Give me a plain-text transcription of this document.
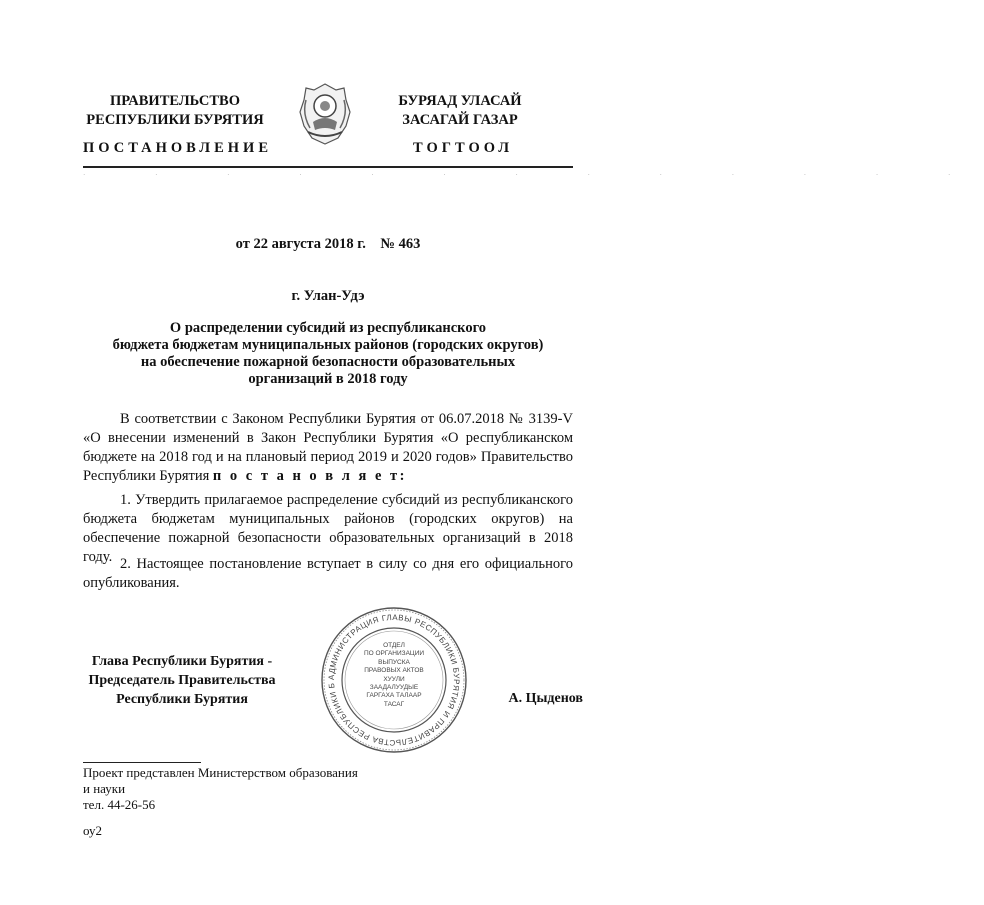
ПРАВИТЕЛЬСТВО
РЕСПУБЛИКИ БУРЯТИЯ
БУРЯАД УЛАСАЙ
ЗАСАГАЙ ГАЗАР
ПОСТАНОВЛЕНИЕ	ТОГТООЛ
· · · · · · · · · · · · ·
от 22 августа 2018 г.    № 463
г. Улан-Удэ
О распределении субсидий из республиканского
бюджета бюджетам муниципальных районов (городских округов)
на обеспечение пожарной безопасности образовательных
организаций в 2018 году
В соответствии с Законом Республики Бурятия от 06.07.2018 № 3139-V «О внесении изменений в Закон Республики Бурятия «О республиканском бюджете на 2018 год и на плановый период 2019 и 2020 годов» Правительство Республики Бурятия п о с т а н о в л я е т:
1. Утвердить прилагаемое распределение субсидий из республиканского бюджета бюджетам муниципальных районов (городских округов) на обеспечение пожарной безопасности образовательных организаций в 2018 году. 2. Настоящее постановление вступает в силу со дня его официального опубликования.
Глава Республики Бурятия -
Председатель Правительства
Республики Бурятия
АДМИНИСТРАЦИЯ ГЛАВЫ РЕСПУБЛИКИ БУРЯТИЯ И ПРАВИТЕЛЬСТВА РЕСПУБЛИКИ Б
ОТДЕЛ
ПО ОРГАНИЗАЦИИ
ВЫПУСКА
ПРАВОВЫХ АКТОВ
ХУУЛИ
ЗААДАЛУУДЫЕ
ГАРГАХА ТАЛААР
ТАСАГ	А. Цыденов
Проект представлен Министерством образования
и науки
тел. 44-26-56
оу2
